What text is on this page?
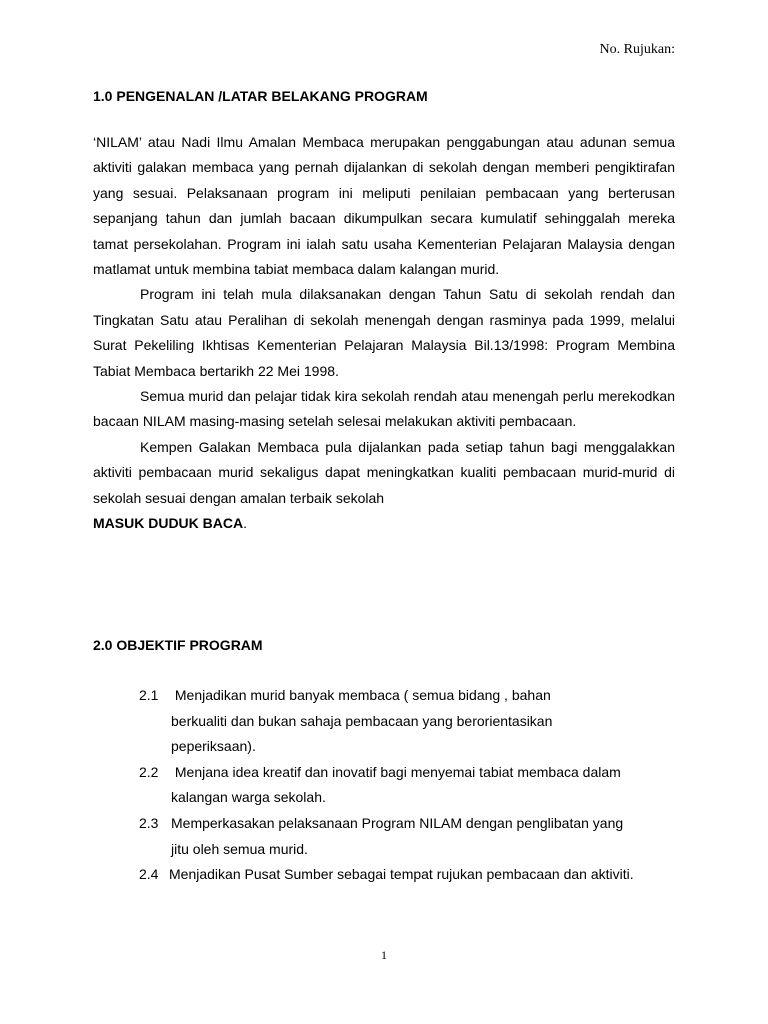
No. Rujukan:
1.0 PENGENALAN /LATAR BELAKANG PROGRAM

‘NILAM’ atau Nadi Ilmu Amalan Membaca merupakan penggabungan atau adunan semua aktiviti galakan membaca yang pernah dijalankan di sekolah dengan memberi pengiktirafan yang sesuai. Pelaksanaan program ini meliputi penilaian pembacaan yang berterusan sepanjang tahun dan jumlah bacaan dikumpulkan secara kumulatif sehinggalah mereka tamat persekolahan. Program ini ialah satu usaha Kementerian Pelajaran Malaysia dengan matlamat untuk membina tabiat membaca dalam kalangan murid.

Program ini telah mula dilaksanakan dengan Tahun Satu di sekolah rendah dan Tingkatan Satu atau Peralihan di sekolah menengah dengan rasminya pada 1999, melalui Surat Pekeliling Ikhtisas Kementerian Pelajaran Malaysia Bil.13/1998: Program Membina Tabiat Membaca bertarikh 22 Mei 1998.

Semua murid dan pelajar tidak kira sekolah rendah atau menengah perlu merekodkan bacaan NILAM masing-masing setelah selesai melakukan aktiviti pembacaan.

Kempen Galakan Membaca pula dijalankan pada setiap tahun bagi menggalakkan aktiviti pembacaan murid sekaligus dapat meningkatkan kualiti pembacaan murid-murid di sekolah sesuai dengan amalan terbaik sekolah

MASUK DUDUK BACA.

2.0 OBJEKTIF PROGRAM
2.1 Menjadikan murid banyak membaca ( semua bidang , bahan
berkualiti dan bukan sahaja pembacaan yang berorientasikan
peperiksaan).
2.2 Menjana idea kreatif dan inovatif bagi menyemai tabiat membaca dalam
kalangan warga sekolah.
2.3 Memperkasakan pelaksanaan Program NILAM dengan penglibatan yang
jitu oleh semua murid.
2.4 Menjadikan Pusat Sumber sebagai tempat rujukan pembacaan dan aktiviti.
1
